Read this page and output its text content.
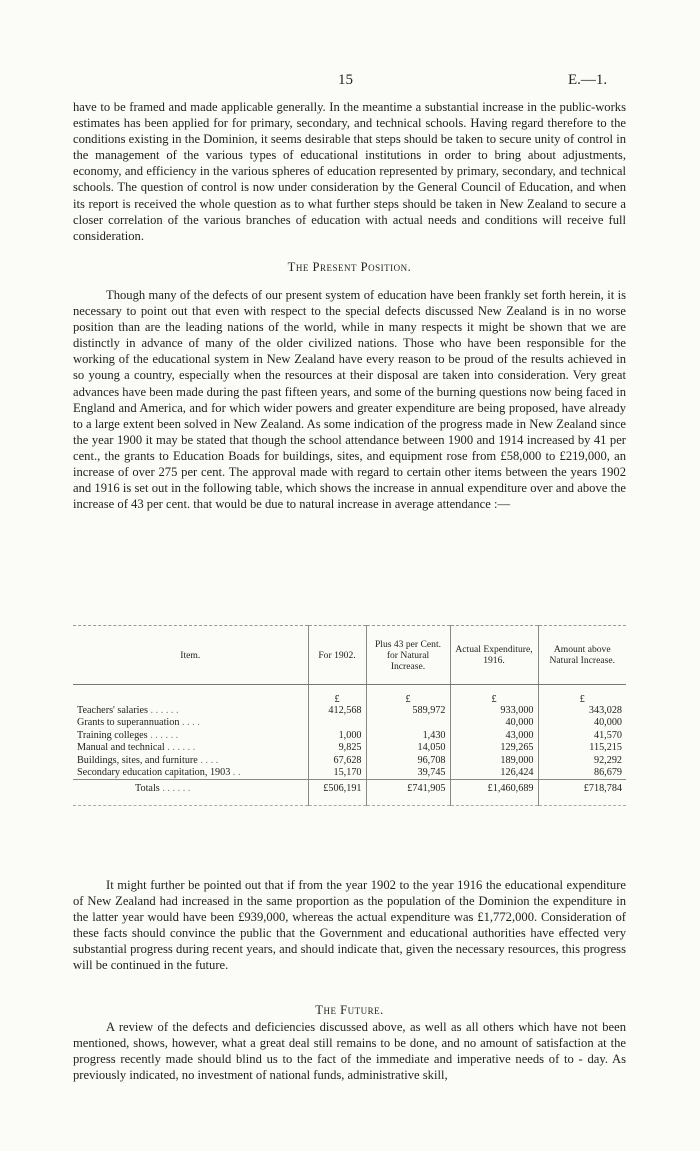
15	E.—1.

have to be framed and made applicable generally. In the meantime a substantial increase in the public-works estimates has been applied for for primary, secondary, and technical schools. Having regard therefore to the conditions existing in the Dominion, it seems desirable that steps should be taken to secure unity of control in the management of the various types of educational institutions in order to bring about adjustments, economy, and efficiency in the various spheres of education represented by primary, secondary, and technical schools. The question of control is now under consideration by the General Council of Education, and when its report is received the whole question as to what further steps should be taken in New Zealand to secure a closer correlation of the various branches of education with actual needs and conditions will receive full consideration.

The Present Position.

Though many of the defects of our present system of education have been frankly set forth herein, it is necessary to point out that even with respect to the special defects discussed New Zealand is in no worse position than are the leading nations of the world, while in many respects it might be shown that we are distinctly in advance of many of the older civilized nations. Those who have been responsible for the working of the educational system in New Zealand have every reason to be proud of the results achieved in so young a country, especially when the resources at their disposal are taken into consideration. Very great advances have been made during the past fifteen years, and some of the burning questions now being faced in England and America, and for which wider powers and greater expenditure are being proposed, have already to a large extent been solved in New Zealand. As some indication of the progress made in New Zealand since the year 1900 it may be stated that though the school attendance between 1900 and 1914 increased by 41 per cent., the grants to Education Boads for buildings, sites, and equipment rose from £58,000 to £219,000, an increase of over 275 per cent. The approval made with regard to certain other items between the years 1902 and 1916 is set out in the following table, which shows the increase in annual expenditure over and above the increase of 43 per cent. that would be due to natural increase in average attendance :—

Item.	For 1902.	Plus 43 per Cent. for Natural Increase.	Actual Expenditure, 1916.	Amount above Natural Increase.
	£	£	£	£
Teachers' salaries . . . . . .	412,568	589,972	933,000	343,028
Grants to superannuation . . . .			40,000	40,000
Training colleges . . . . . .	1,000	1,430	43,000	41,570
Manual and technical . . . . . .	9,825	14,050	129,265	115,215
Buildings, sites, and furniture . . . .	67,628	96,708	189,000	92,292
Secondary education capitation, 1903 . .	15,170	39,745	126,424	86,679
Totals . . . . . .	£506,191	£741,905	£1,460,689	£718,784

It might further be pointed out that if from the year 1902 to the year 1916 the educational expenditure of New Zealand had increased in the same proportion as the population of the Dominion the expenditure in the latter year would have been £939,000, whereas the actual expenditure was £1,772,000. Consideration of these facts should convince the public that the Government and educational authorities have effected very substantial progress during recent years, and should indicate that, given the necessary resources, this progress will be continued in the future.

The Future.

A review of the defects and deficiencies discussed above, as well as all others which have not been mentioned, shows, however, what a great deal still remains to be done, and no amount of satisfaction at the progress recently made should blind us to the fact of the immediate and imperative needs of to - day. As previously indicated, no investment of national funds, administrative skill,
